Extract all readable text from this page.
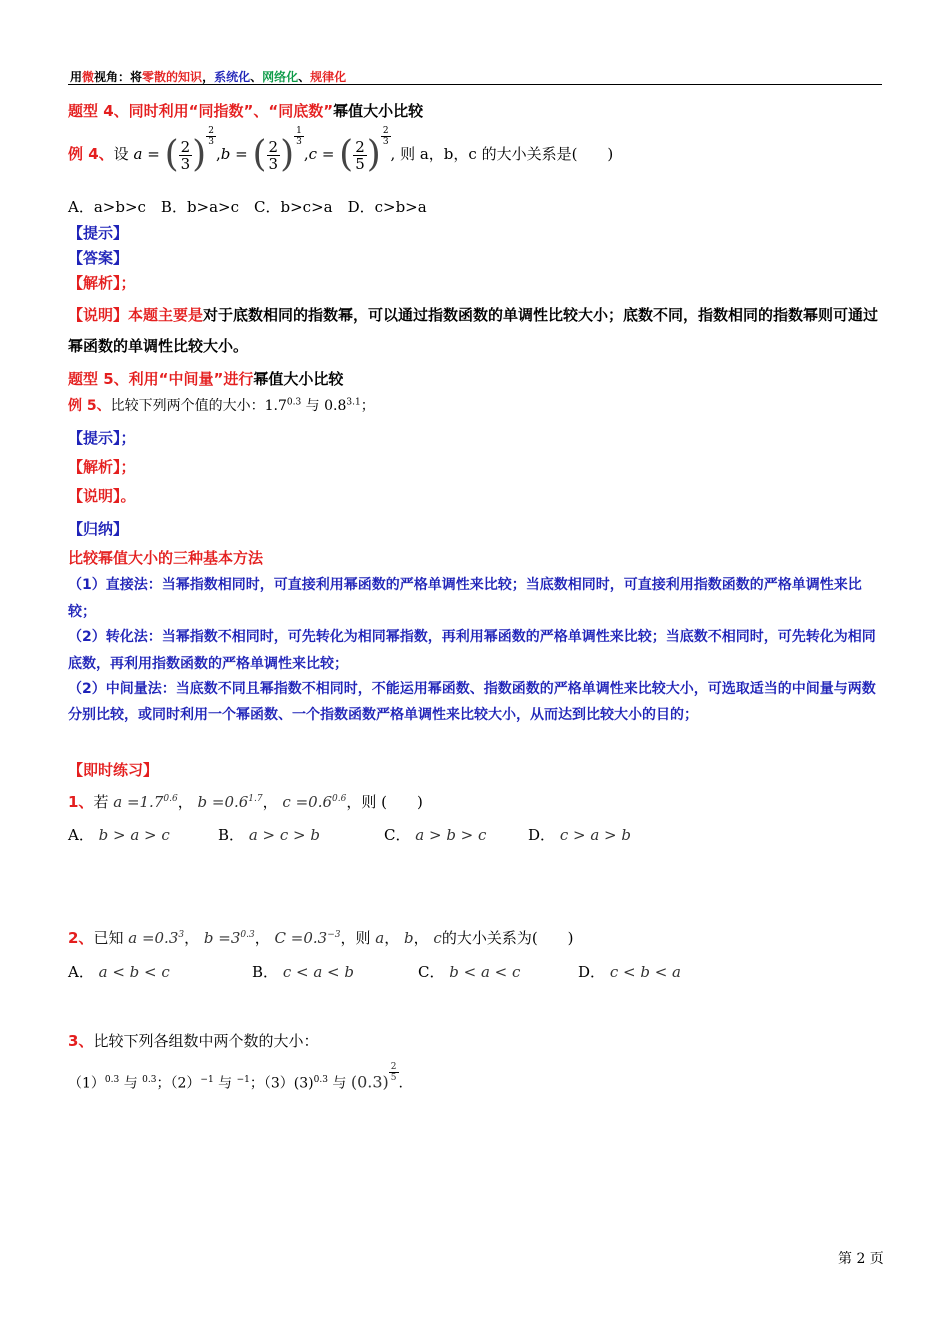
用微视角：将零散的知识，系统化、网络化、规律化
题型 4、同时利用“同指数”、“同底数”幂值大小比较
例 4、设 a = ( $\frac{2}{3}$ ) $\frac{2}{3}$
,b = ( $\frac{2}{3}$ ) $\frac{1}{3}$
,c = ( $\frac{2}{5}$ ) $\frac{2}{3}$
, 则 a，b，c 的大小关系是(　　)
A．a>b>c　B．b>a>c　C．b>c>a　D．c>b>a
【提示】
【答案】
【解析】；
【说明】本题主要是对于底数相同的指数幂，可以通过指数函数的单调性比较大小；底数不同，指数相同的指数幂则可通过幂函数的单调性比较大小。
题型 5、利用“中间量”进行幂值大小比较
例 5、比较下列两个值的大小：$1.7^{0.3}$ 与 $0.8^{3.1}$；
【提示】；
【解析】；
【说明】。
【归纳】
比较幂值大小的三种基本方法
（1）直接法：当幂指数相同时，可直接利用幂函数的严格单调性来比较；当底数相同时，可直接利用指数函数的严格单调性来比较；
（2）转化法：当幂指数不相同时，可先转化为相同幂指数，再利用幂函数的严格单调性来比较；当底数不相同时，可先转化为相同底数，再利用指数函数的严格单调性来比较；
（2）中间量法：当底数不同且幂指数不相同时，不能运用幂函数、指数函数的严格单调性来比较大小，可选取适当的中间量与两数分别比较，或同时利用一个幂函数、一个指数函数严格单调性来比较大小，从而达到比较大小的目的；
【即时练习】
1、若 $a =1.7^{0.6}$， $b =0.6^{1.7}$， $c =0.6^{0.6}$，则 (　　)
A． b > a > c	B． a > c > b	C． a > b > c	D． c > a > b
2、已知 $a =0.3^3$， $b =3^{0.3}$， $C =0.3^{-3}$，则 a， b， c的大小关系为(　　)
A． a < b < c	B． c < a < b	C． b < a < c	D． c < b < a
3、比较下列各组数中两个数的大小：
$(1)^{0.3}$ 与 $^{0.3}$；$(2)^{-1}$ 与 $^{-1}$；$(3)(3)^{0.3}$ 与 $(0.3) \frac{2}{5}$
.
第 2 页
